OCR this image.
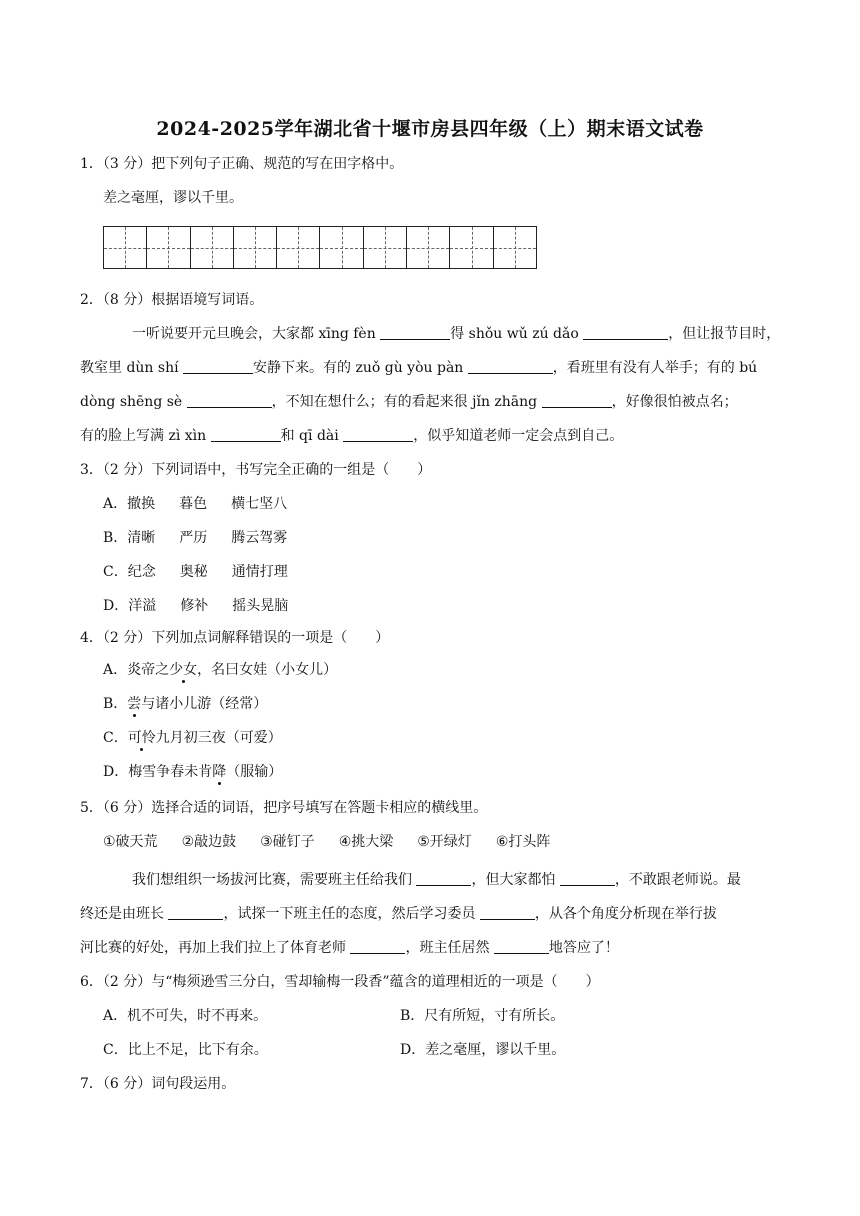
2024-2025学年湖北省十堰市房县四年级（上）期末语文试卷
1．（3 分）把下列句子正确、规范的写在田字格中。
差之毫厘，谬以千里。
2．（8 分）根据语境写词语。
一听说要开元旦晚会，大家都 xīng fèn	得 shǒu wǔ zú dǎo	，但让报节目时，
教室里 dùn shí	安静下来。有的 zuǒ gù yòu pàn	，看班里有没有人举手；有的 bú
dòng shēng sè	，不知在想什么；有的看起来很 jǐn zhāng	，好像很怕被点名；
有的脸上写满 zì xìn	和 qī dài	，似乎知道老师一定会点到自己。
3．（2 分）下列词语中，书写完全正确的一组是（　　）
A．撤换 暮色 横七坚八
B．清晰 严历 腾云驾雾
C．纪念 奥秘 通情打理
D．洋溢 修补 摇头晃脑
4．（2 分）下列加点词解释错误的一项是（　　）
A．炎帝之少女，名曰女娃（小女儿）
B．尝与诸小儿游（经常）
C．可怜九月初三夜（可爱）
D．梅雪争春未肯降（服输）
5．（6 分）选择合适的词语，把序号填写在答题卡相应的横线里。
①破天荒 ②敲边鼓 ③碰钉子 ④挑大梁 ⑤开绿灯 ⑥打头阵
我们想组织一场拔河比赛，需要班主任给我们	，但大家都怕	，不敢跟老师说。最
终还是由班长	，试探一下班主任的态度，然后学习委员	，从各个角度分析现在举行拔
河比赛的好处，再加上我们拉上了体育老师	，班主任居然	地答应了！
6．（2 分）与“梅须逊雪三分白，雪却输梅一段香”蕴含的道理相近的一项是（　　）
A．机不可失，时不再来。	B．尺有所短，寸有所长。
C．比上不足，比下有余。	D．差之毫厘，谬以千里。
7．（6 分）词句段运用。
